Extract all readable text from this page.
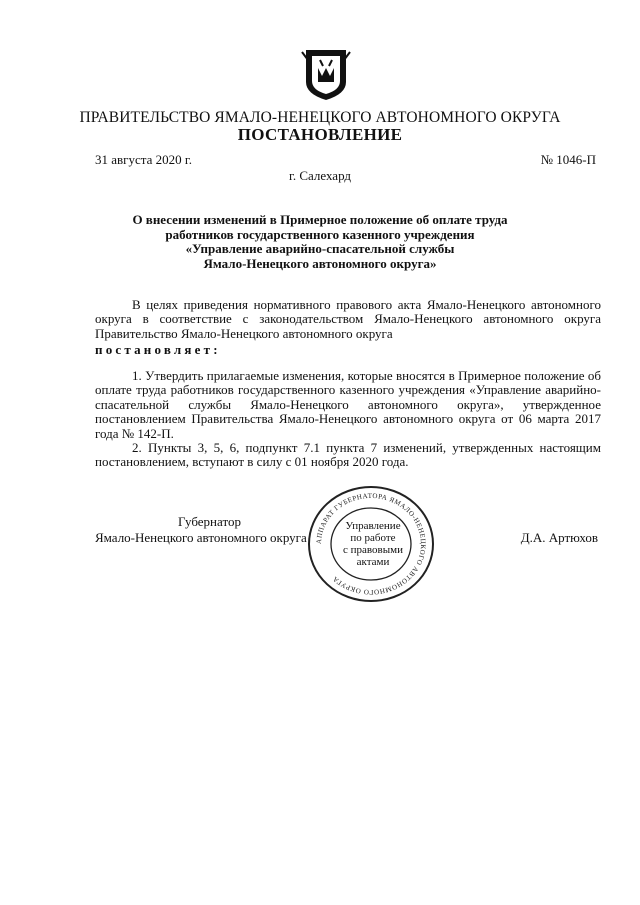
ПРАВИТЕЛЬСТВО ЯМАЛО-НЕНЕЦКОГО АВТОНОМНОГО ОКРУГА
ПОСТАНОВЛЕНИЕ
31 августа 2020 г.	№ 1046-П
г. Салехард
О внесении изменений в Примерное положение об оплате труда
работников государственного казенного учреждения
«Управление аварийно-спасательной службы
Ямало-Ненецкого автономного округа»
В целях приведения нормативного правового акта Ямало-Ненецкого автономного округа в соответствие с законодательством Ямало-Ненецкого автономного округа Правительство Ямало-Ненецкого автономного округа
постановляет:
1. Утвердить прилагаемые изменения, которые вносятся в Примерное положение об оплате труда работников государственного казенного учреждения «Управление аварийно-спасательной службы Ямало-Ненецкого автономного округа», утвержденное постановлением Правительства Ямало-Ненецкого автономного округа от 06 марта 2017 года № 142-П.
2. Пункты 3, 5, 6, подпункт 7.1 пункта 7 изменений, утвержденных настоящим постановлением, вступают в силу с 01 ноября 2020 года.
Губернатор
Ямало-Ненецкого автономного округа	Д.А. Артюхов
АППАРАТ ГУБЕРНАТОРА ЯМАЛО-НЕНЕЦКОГО АВТОНОМНОГО ОКРУГА
Управление
по работе
с правовыми
актами
